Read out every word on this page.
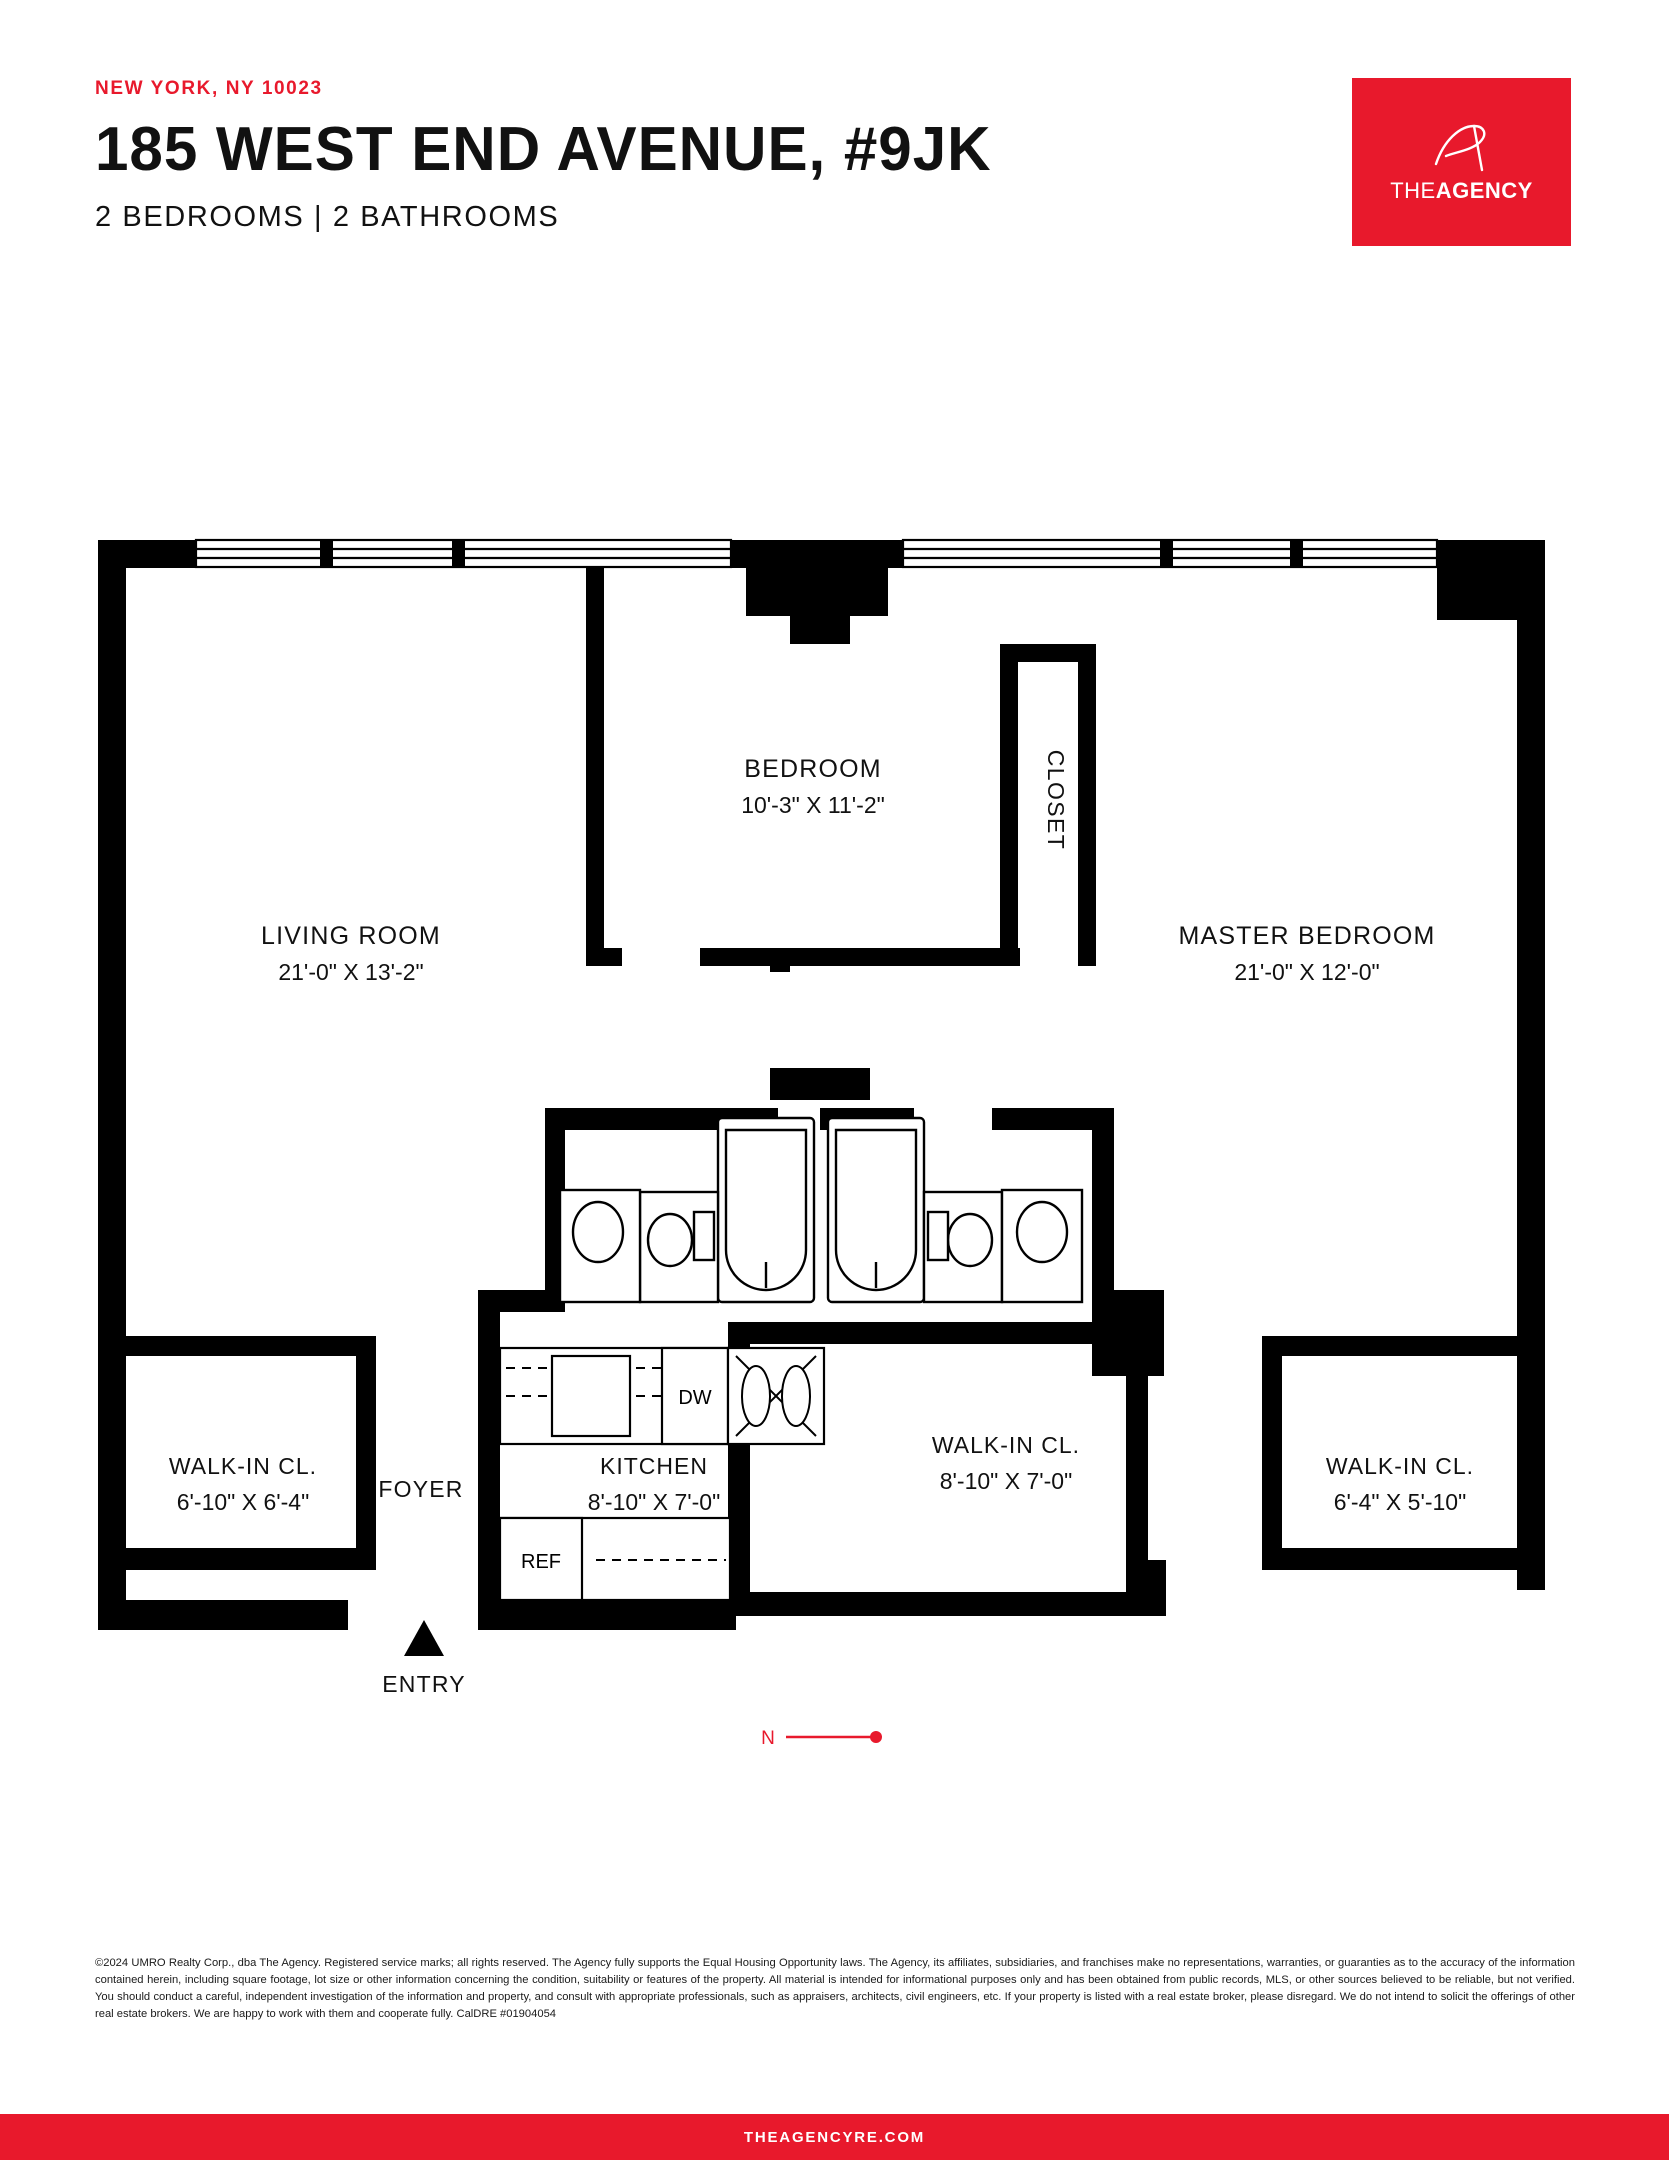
NEW YORK, NY 10023
185 WEST END AVENUE, #9JK
2 BEDROOMS | 2 BATHROOMS
THEAGENCY
DW
REF
LIVING ROOM
21'-0" X 13'-2"
BEDROOM
10'-3" X 11'-2"
MASTER BEDROOM
21'-0" X 12'-0"
CLOSET
WALK-IN CL.
6'-10" X 6'-4"	FOYER
KITCHEN
8'-10" X 7'-0"
WALK-IN CL.
8'-10" X 7'-0"
WALK-IN CL.
6'-4" X 5'-10"
ENTRY
N
©2024 UMRO Realty Corp., dba The Agency. Registered service marks; all rights reserved. The Agency fully supports the Equal Housing Opportunity laws. The Agency, its affiliates, subsidiaries, and franchises make no representations, warranties, or guaranties as to the accuracy of the information contained herein, including square footage, lot size or other information concerning the condition, suitability or features of the property. All material is intended for informational purposes only and has been obtained from public records, MLS, or other sources believed to be reliable, but not verified. You should conduct a careful, independent investigation of the information and property, and consult with appropriate professionals, such as appraisers, architects, civil engineers, etc. If your property is listed with a real estate broker, please disregard. We do not intend to solicit the offerings of other real estate brokers. We are happy to work with them and cooperate fully. CalDRE #01904054
THEAGENCYRE.COM
